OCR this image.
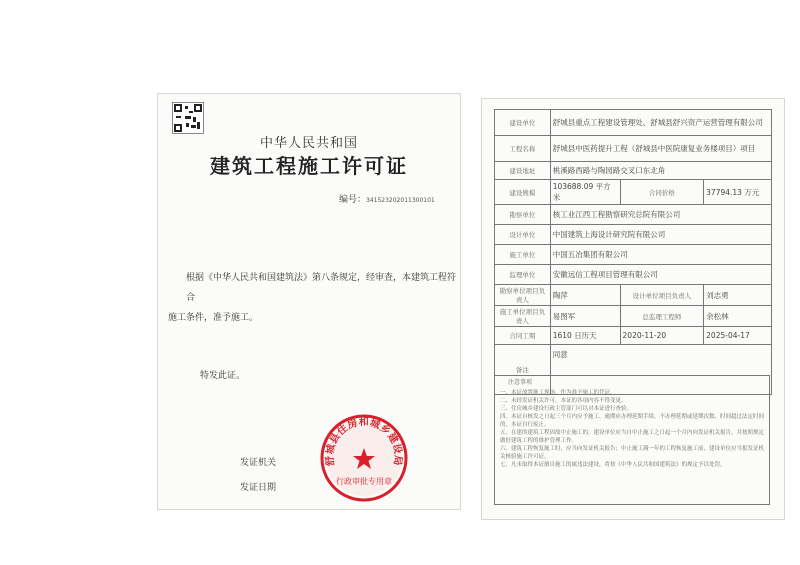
中华人民共和国
建筑工程施工许可证
编号：341523202011300101
根据《中华人民共和国建筑法》第八条规定，经审查，本建筑工程符合
施工条件，准予施工。
特发此证。
发证机关
发证日期
舒城县住房和城乡建设局
行政审批专用章
建设单位	舒城县重点工程建设管理处、舒城县舒兴资产运营管理有限公司		
工程名称	舒城县中医药提升工程（舒城县中医院康复业务楼项目）项目		
建设地址	桃溪路西路与陶园路交叉口东北角		
建设规模	103688.09 平方米	合同价格	37794.13 万元
勘察单位	核工业江西工程勘察研究总院有限公司		
设计单位	中国建筑上海设计研究院有限公司		
施工单位	中国五冶集团有限公司		
监理单位	安徽远信工程项目管理有限公司		
勘察单位项目负责人	陶萍	设计单位项目负责人	刘志勇
施工单位项目负责人	易图军	总监理工程师	余松林
合同工期	1610 日历天	2020-11-20	2025-04-17
备注	同意		
注意事项
一、本证放置施工现场，作为准予施工的凭证。
二、未经发证机关许可，本证的各项内容不得变更。
三、住房城乡建设行政主管部门可以对本证进行查验。
四、本证自核发之日起三个月内应予施工，逾期应办理延期手续，不办理延期或延期次数、时间超过法定时间的，本证自行废止。
五、在建的建筑工程因故中止施工的，建设单位应当自中止施工之日起一个月内向发证机关报告，并按照规定做好建筑工程的维护管理工作。
六、建筑工程恢复施工时，应当向发证机关报告；中止施工满一年的工程恢复施工前，建设单位应当报发证机关核验施工许可证。
七、凡未取得本证擅自施工的属违法建设，将按《中华人民共和国建筑法》的规定予以处罚。
